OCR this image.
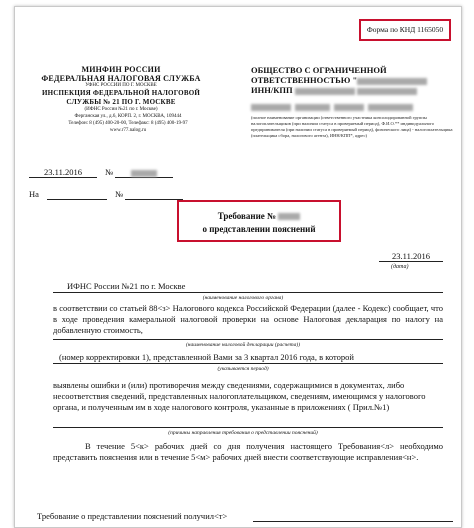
Форма по КНД 1165050
МИНФИН РОССИИ
ФЕДЕРАЛЬНАЯ НАЛОГОВАЯ СЛУЖБА
УФНС РОССИИ ПО Г. МОСКВЕ
ИНСПЕКЦИЯ ФЕДЕРАЛЬНОЙ НАЛОГОВОЙ
СЛУЖБЫ № 21 ПО Г. МОСКВЕ
(ИФНС России №21 по г. Москве)
Ферганская ул., д.6, КОРП. 2, г. МОСКВА, 109444
Телефон: 8 (495) 400-20-00, Телефакс: 8 (495) 400-19-97
www.r77.nalog.ru
ОБЩЕСТВО С ОГРАНИЧЕННОЙ
ОТВЕТСТВЕННОСТЬЮ "
ИНН/КПП

(полное наименование организации (ответственного участника консолидированной группы налогоплательщиков (при наличии статуса в проверяемый период), Ф.И.О.** индивидуального предпринимателя (при наличии статуса в проверяемый период), физического лица) - налогоплательщика (плательщика сбора, налогового агента), ИНН/КПП*, адрес)
23.11.2016	№
На	№
Требование №
о представлении пояснений
23.11.2016
(дата)
ИФНС России №21 по г. Москве
(наименование налогового органа)
в соответствии со статьей 88<з> Налогового кодекса Российской Федерации (далее - Кодекс) сообщает, что в ходе проведения камеральной налоговой проверки на основе Налоговая декларация по налогу на добавленную стоимость,
(наименование налоговой декларации (расчета))
(номер корректировки 1), представленной Вами за 3 квартал 2016 года, в которой
(указывается период)
выявлены ошибки и (или) противоречия между сведениями, содержащимися в документах, либо несоответствия сведений, представленных налогоплательщиком, сведениям, имеющимся у налогового органа, и полученным им в ходе налогового контроля, указанные в приложениях ( Прил.№1)
(причины направления требования о представлении пояснений)
В течение 5<к> рабочих дней со дня получения настоящего Требования<л> необходимо представить пояснения или в течение 5<м> рабочих дней внести соответствующие исправления<н>.
Требование о представлении пояснений получил<т>
